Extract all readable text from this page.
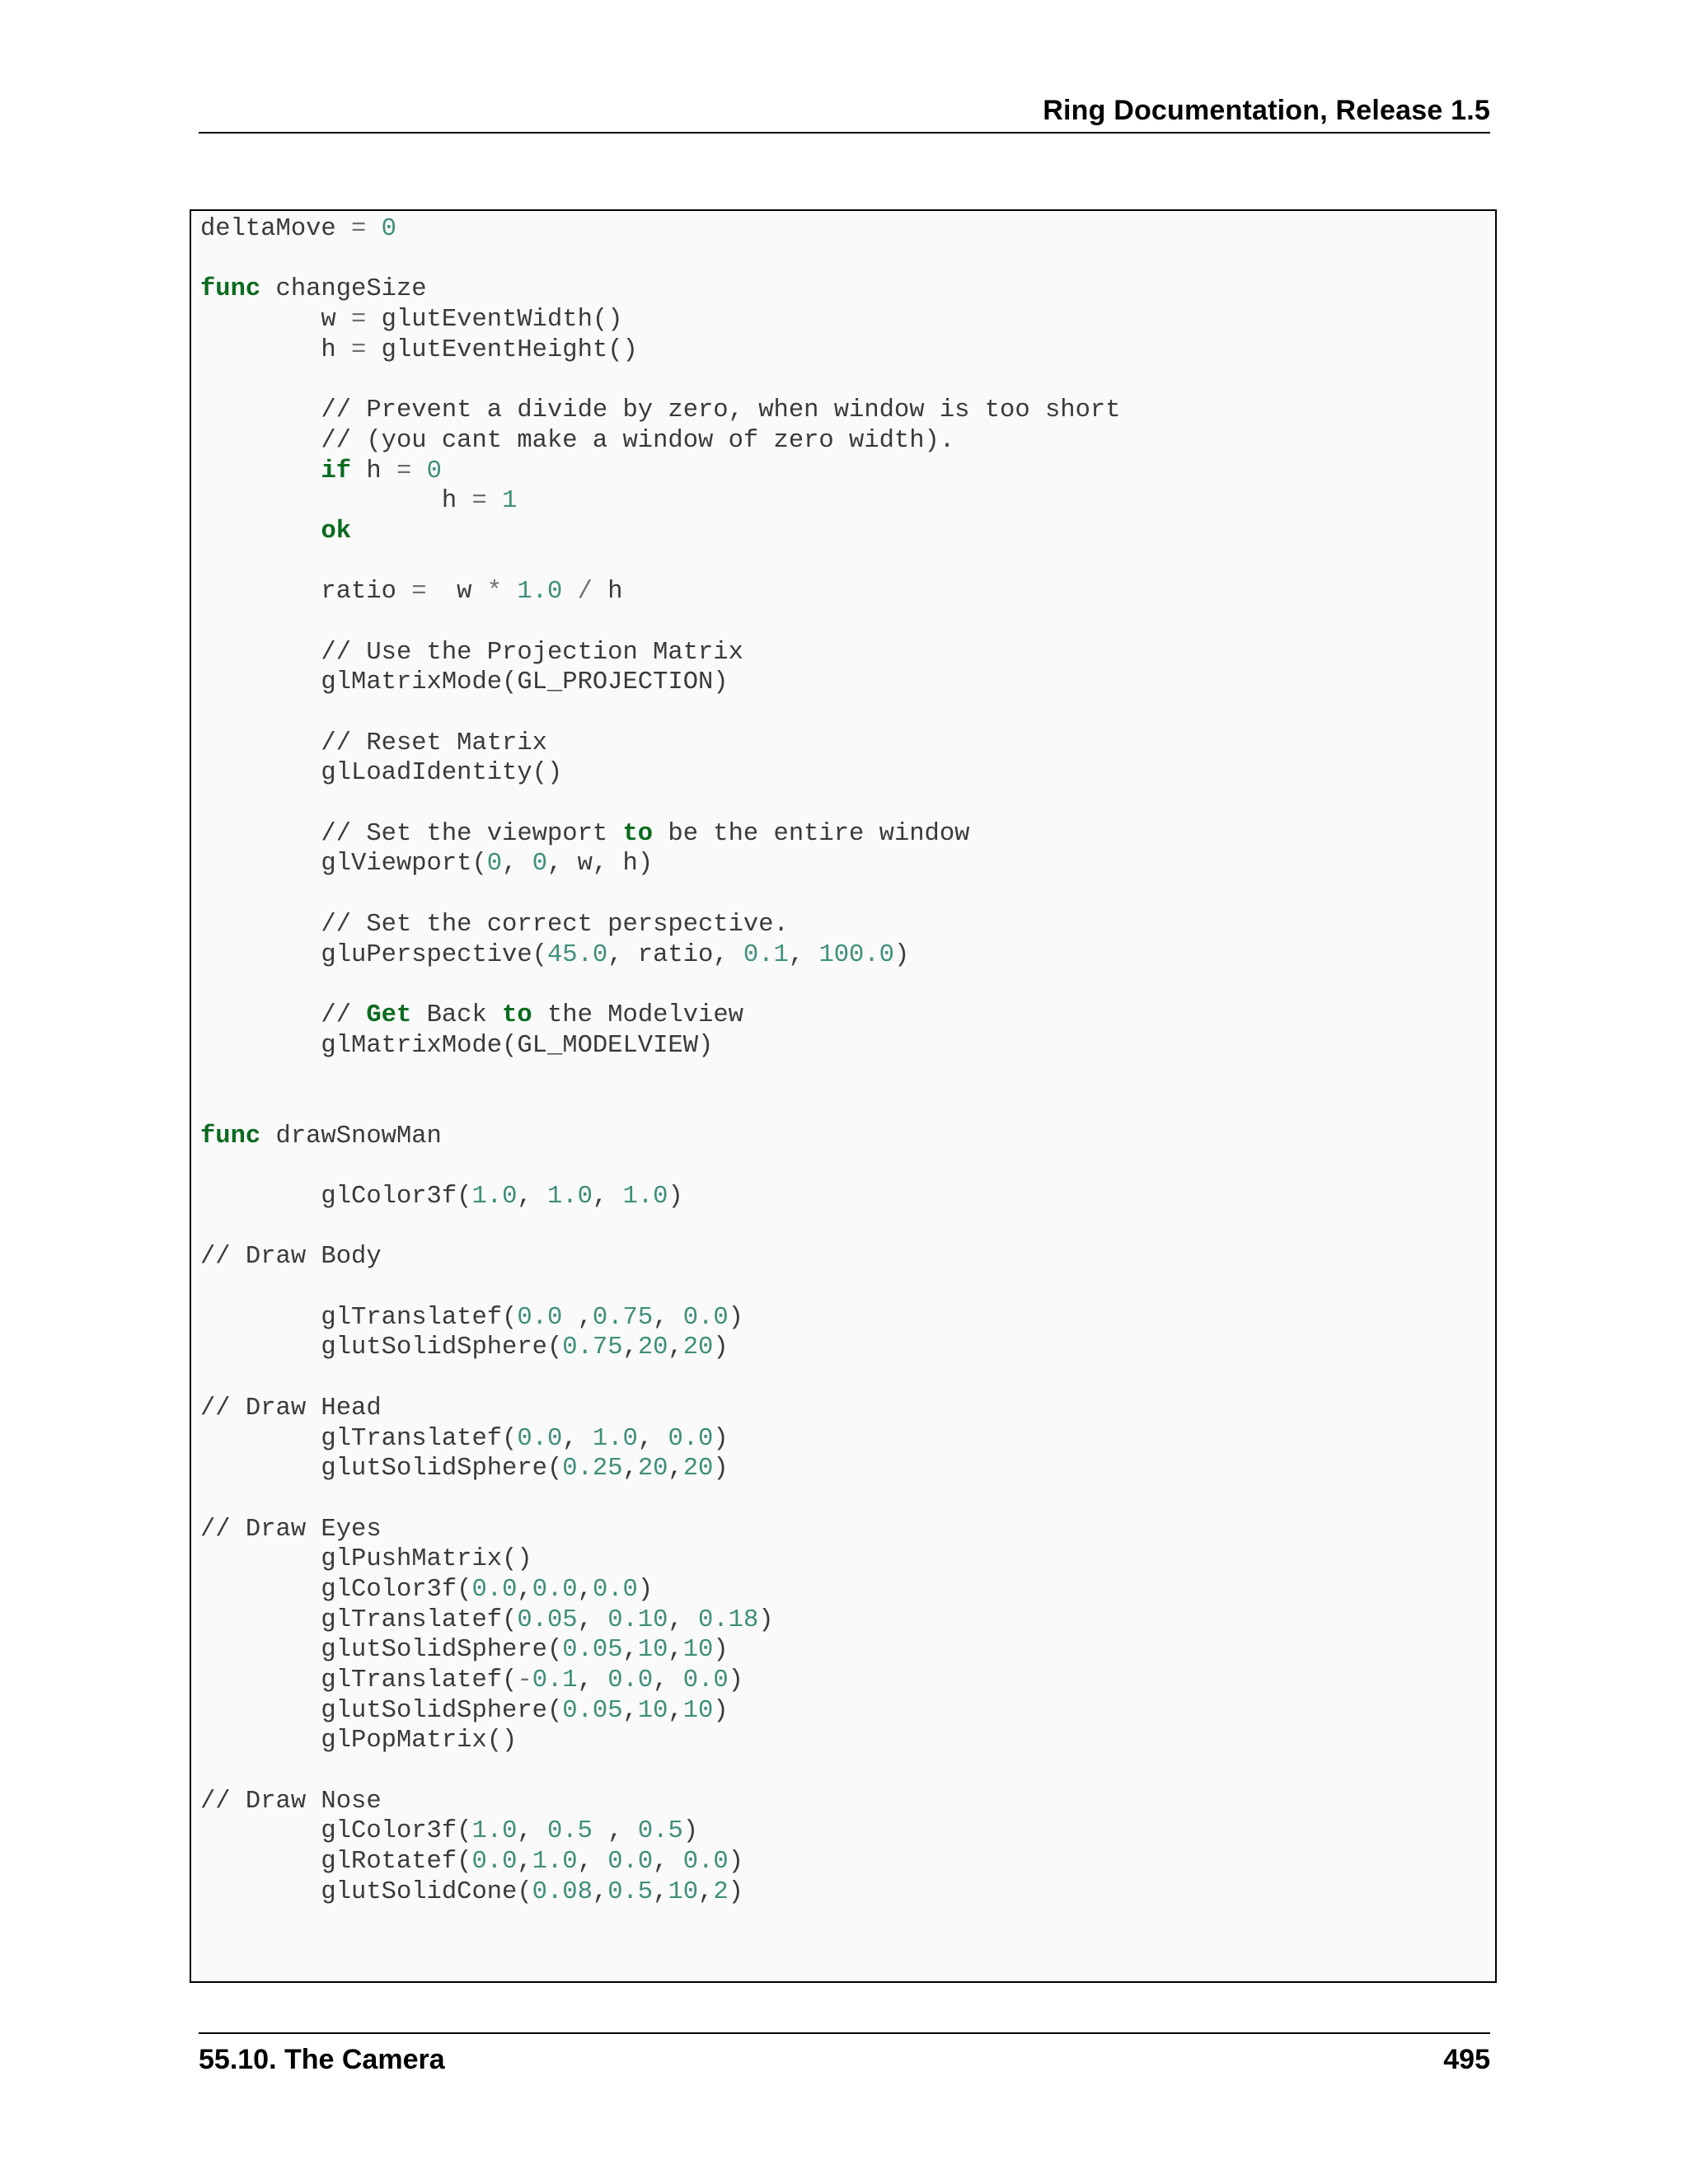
Ring Documentation, Release 1.5
deltaMove = 0

func changeSize
w = glutEventWidth()
h = glutEventHeight()

// Prevent a divide by zero, when window is too short
// (you cant make a window of zero width).
if h = 0
h = 1
ok

ratio =  w * 1.0 / h

// Use the Projection Matrix
glMatrixMode(GL_PROJECTION)

// Reset Matrix
glLoadIdentity()

// Set the viewport to be the entire window
glViewport(0, 0, w, h)

// Set the correct perspective.
gluPerspective(45.0, ratio, 0.1, 100.0)

// Get Back to the Modelview
glMatrixMode(GL_MODELVIEW)

func drawSnowMan

glColor3f(1.0, 1.0, 1.0)

// Draw Body

glTranslatef(0.0 ,0.75, 0.0)
glutSolidSphere(0.75,20,20)

// Draw Head
glTranslatef(0.0, 1.0, 0.0)
glutSolidSphere(0.25,20,20)

// Draw Eyes
glPushMatrix()
glColor3f(0.0,0.0,0.0)
glTranslatef(0.05, 0.10, 0.18)
glutSolidSphere(0.05,10,10)
glTranslatef(-0.1, 0.0, 0.0)
glutSolidSphere(0.05,10,10)
glPopMatrix()

// Draw Nose
glColor3f(1.0, 0.5 , 0.5)
glRotatef(0.0,1.0, 0.0, 0.0)
glutSolidCone(0.08,0.5,10,2)
55.10. The Camera	495
